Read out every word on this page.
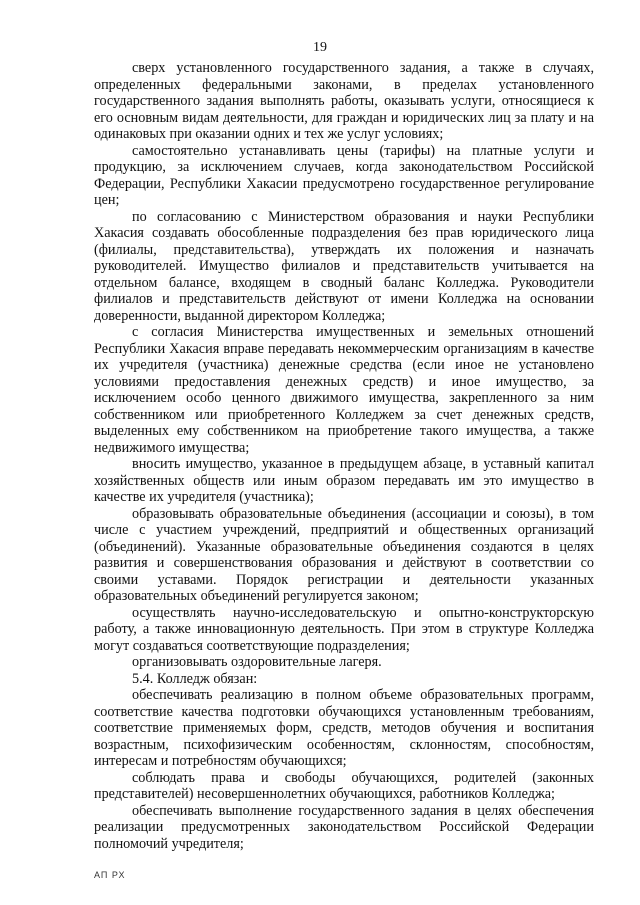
19

сверх установленного государственного задания, а также в случаях, определенных федеральными законами, в пределах установленного государственного задания выполнять работы, оказывать услуги, относящиеся к его основным видам деятельности, для граждан и юридических лиц за плату и на одинаковых при оказании одних и тех же услуг условиях;

самостоятельно устанавливать цены (тарифы) на платные услуги и продукцию, за исключением случаев, когда законодательством Российской Федерации, Республики Хакасии предусмотрено государственное регулирование цен;

по согласованию с Министерством образования и науки Республики Хакасия создавать обособленные подразделения без прав юридического лица (филиалы, представительства), утверждать их положения и назначать руководителей. Имущество филиалов и представительств учитывается на отдельном балансе, входящем в сводный баланс Колледжа. Руководители филиалов и представительств действуют от имени Колледжа на основании доверенности, выданной директором Колледжа;

с согласия Министерства имущественных и земельных отношений Республики Хакасия вправе передавать некоммерческим организациям в качестве их учредителя (участника) денежные средства (если иное не установлено условиями предоставления денежных средств) и иное имущество, за исключением особо ценного движимого имущества, закрепленного за ним собственником или приобретенного Колледжем за счет денежных средств, выделенных ему собственником на приобретение такого имущества, а также недвижимого имущества;

вносить имущество, указанное в предыдущем абзаце, в уставный капитал хозяйственных обществ или иным образом передавать им это имущество в качестве их учредителя (участника);

образовывать образовательные объединения (ассоциации и союзы), в том числе с участием учреждений, предприятий и общественных организаций (объединений). Указанные образовательные объединения создаются в целях развития и совершенствования образования и действуют в соответствии со своими уставами. Порядок регистрации и деятельности указанных образовательных объединений регулируется законом;

осуществлять научно-исследовательскую и опытно-конструкторскую работу, а также инновационную деятельность. При этом в структуре Колледжа могут создаваться соответствующие подразделения;

организовывать оздоровительные лагеря.

5.4. Колледж обязан:

обеспечивать реализацию в полном объеме образовательных программ, соответствие качества подготовки обучающихся установленным требованиям, соответствие применяемых форм, средств, методов обучения и воспитания возрастным, психофизическим особенностям, склонностям, способностям, интересам и потребностям обучающихся;

соблюдать права и свободы обучающихся, родителей (законных представителей) несовершеннолетних обучающихся, работников Колледжа;

обеспечивать выполнение государственного задания в целях обеспечения реализации предусмотренных законодательством Российской Федерации полномочий учредителя;

АП РХ
